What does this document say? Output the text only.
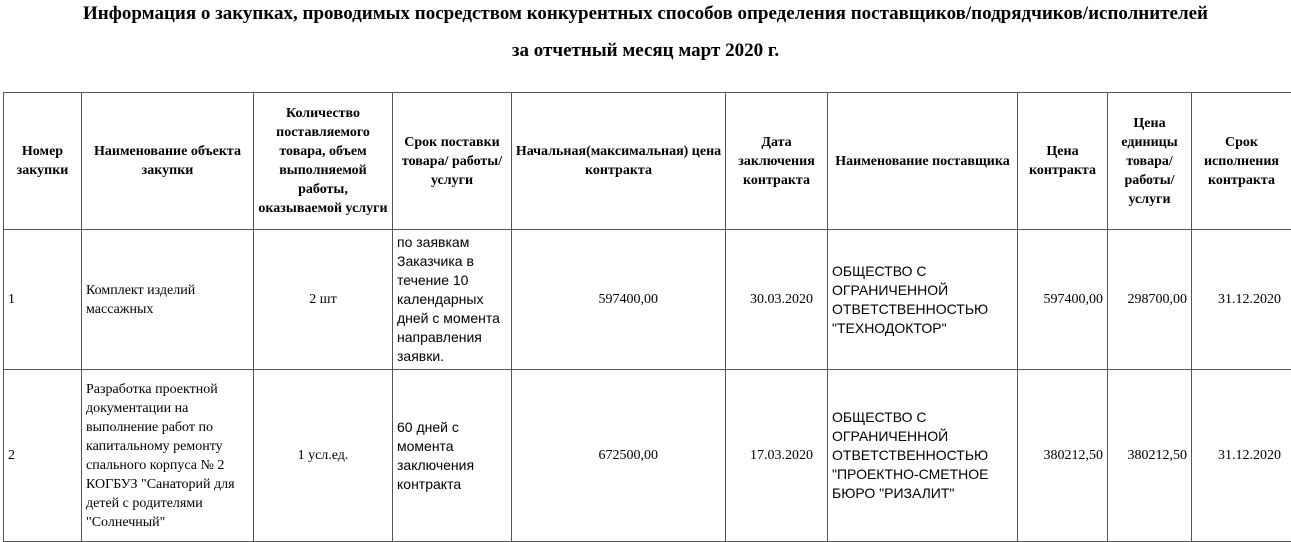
Информация о закупках, проводимых посредством конкурентных способов определения поставщиков/подрядчиков/исполнителей
за отчетный месяц март 2020 г.
Номер закупки	Наименование объекта закупки	Количество поставляемого товара, объем выполняемой работы, оказываемой услуги	Срок поставки товара/ работы/услуги	Начальная(максимальная) цена контракта	Дата заключения контракта	Наименование поставщика	Цена контракта	Цена единицы товара/ работы/ услуги	Срок исполнения контракта
1	Комплект изделий массажных	2 шт	по заявкам Заказчика в течение 10 календарных дней с момента направления заявки.	597400,00	30.03.2020	ОБЩЕСТВО С ОГРАНИЧЕННОЙ ОТВЕТСТВЕННОСТЬЮ "ТЕХНОДОКТОР"	597400,00	298700,00	31.12.2020
2	Разработка проектной документации на выполнение работ по капитальному ремонту спального корпуса № 2 КОГБУЗ "Санаторий для детей с родителями "Солнечный"	1 усл.ед.	60 дней с момента заключения контракта	672500,00	17.03.2020	ОБЩЕСТВО С ОГРАНИЧЕННОЙ ОТВЕТСТВЕННОСТЬЮ "ПРОЕКТНО-СМЕТНОЕ БЮРО "РИЗАЛИТ"	380212,50	380212,50	31.12.2020
